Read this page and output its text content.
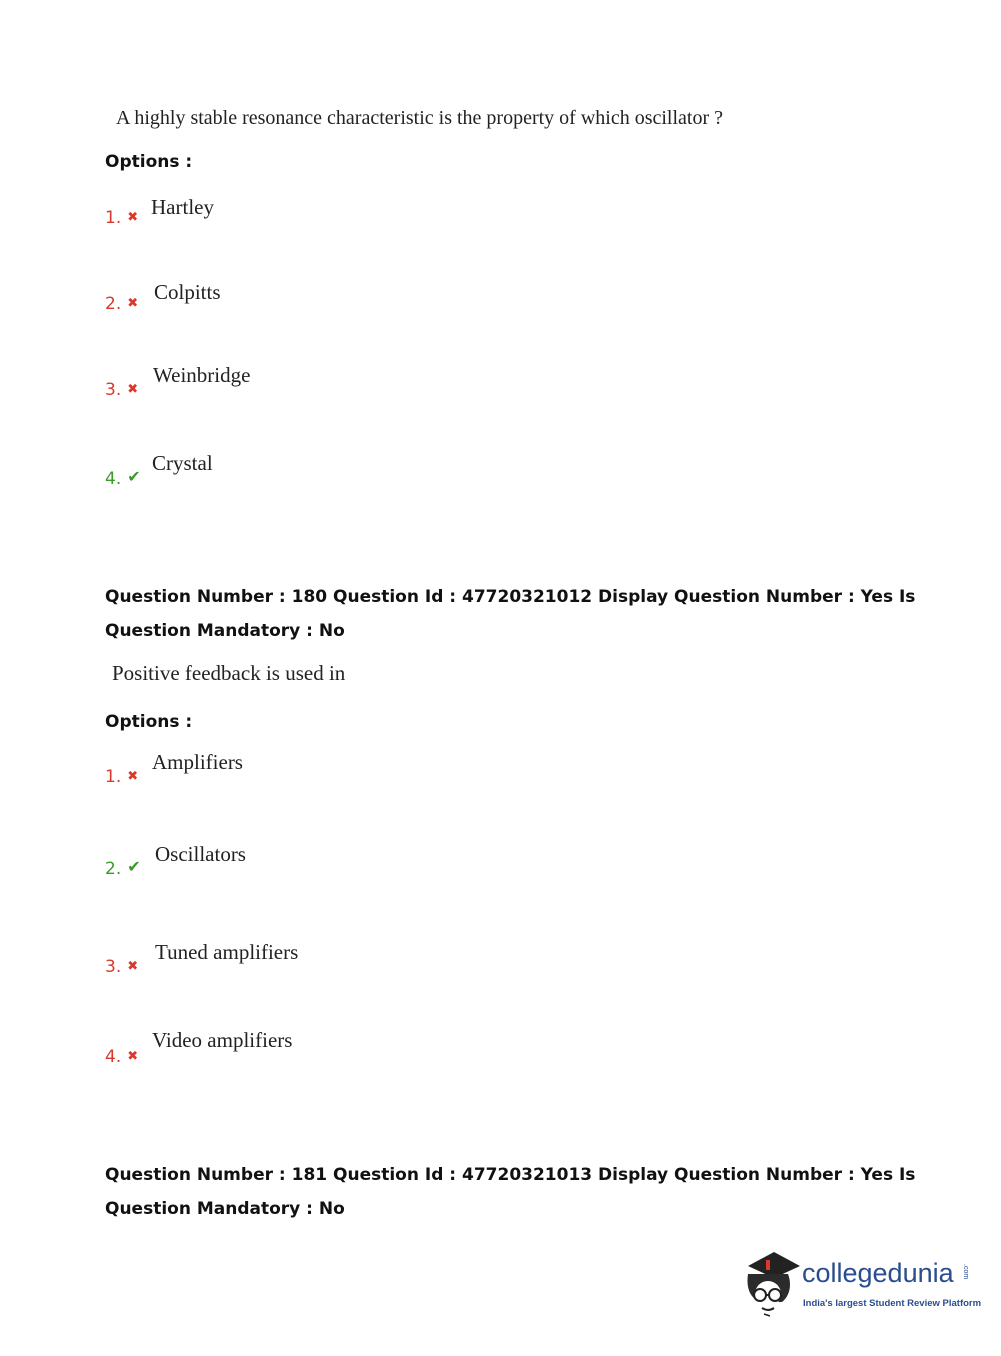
A highly stable resonance characteristic is the property of which oscillator ?
Options :
1. ✖ Hartley
2. ✖ Colpitts
3. ✖
Weinbridge
4. ✔
Crystal
Question Number : 180 Question Id : 47720321012 Display Question Number : Yes Is Question Mandatory : No
Positive feedback is used in
Options :
1. ✖
Amplifiers
2. ✔
Oscillators
3. ✖
Tuned amplifiers
4. ✖
Video amplifiers
Question Number : 181 Question Id : 47720321013 Display Question Number : Yes Is Question Mandatory : No
collegedunia .com
India's largest Student Review Platform
